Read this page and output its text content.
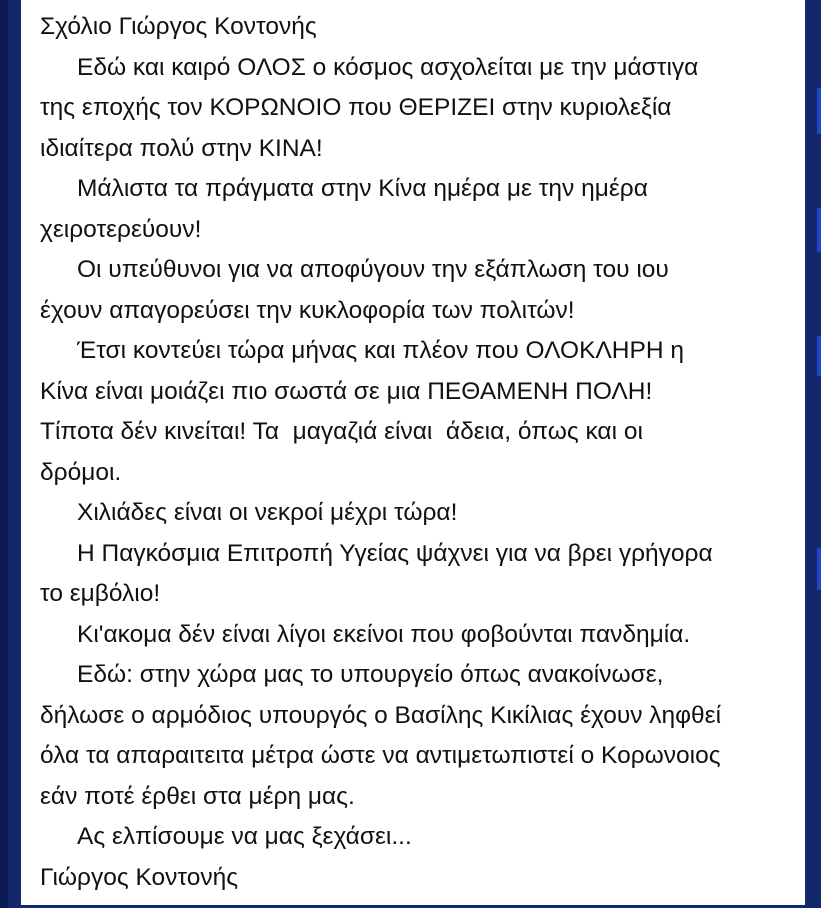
Σχόλιο Γιώργος Κοντονής

Εδώ και καιρό ΟΛΟΣ ο κόσμος ασχολείται με την μάστιγα

της εποχής τον ΚΟΡΩΝΟΙΟ που ΘΕΡΙΖΕΙ στην κυριολεξία

ιδιαίτερα πολύ στην ΚΙΝΑ!

Μάλιστα τα πράγματα στην Κίνα ημέρα με την ημέρα

χειροτερεύουν!

Οι υπεύθυνοι για να αποφύγουν την εξάπλωση του ιου

έχουν απαγορεύσει την κυκλοφορία των πολιτών!

Έτσι κοντεύει τώρα μήνας και πλέον που ΟΛΟΚΛΗΡΗ η

Κίνα είναι μοιάζει πιο σωστά σε μια ΠΕΘΑΜΕΝΗ ΠΟΛΗ!

Τίποτα δέν κινείται! Τα  μαγαζιά είναι  άδεια, όπως και οι

δρόμοι.

Χιλιάδες είναι οι νεκροί μέχρι τώρα!

Η Παγκόσμια Επιτροπή Υγείας ψάχνει για να βρει γρήγορα

το εμβόλιο!

Κι'ακομα δέν είναι λίγοι εκείνοι που φοβούνται πανδημία.

Εδώ: στην χώρα μας το υπουργείο όπως ανακοίνωσε,

δήλωσε ο αρμόδιος υπουργός ο Βασίλης Κικίλιας έχουν ληφθεί

όλα τα απαραιτειτα μέτρα ώστε να αντιμετωπιστεί ο Κορωνοιος

εάν ποτέ έρθει στα μέρη μας.

Ας ελπίσουμε να μας ξεχάσει...

Γιώργος Κοντονής
